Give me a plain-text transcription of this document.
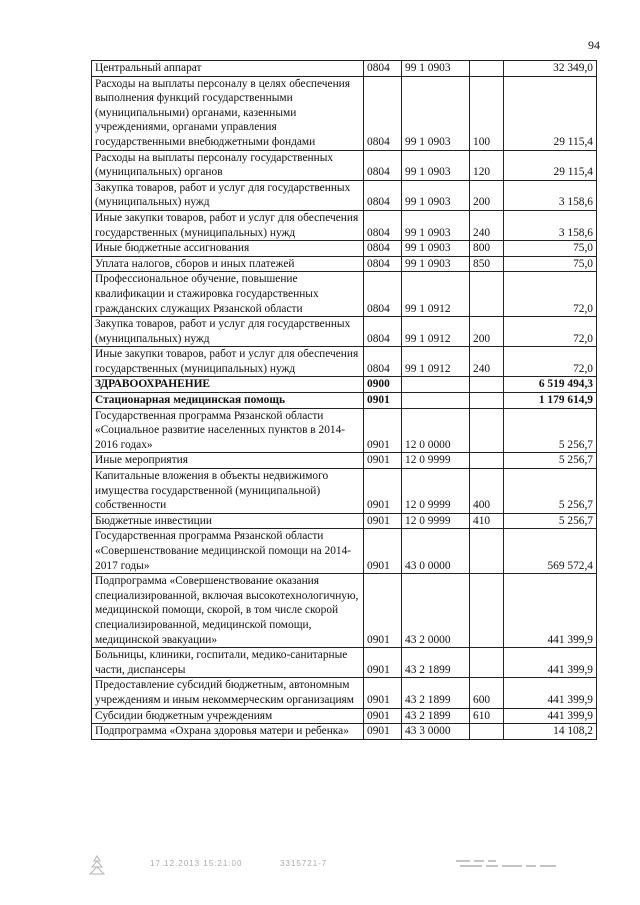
94
Центральный аппарат	0804	99 1 0903		32 349,0
Расходы на выплаты персоналу в целях обеспечения выполнения функций государственными (муниципальными) органами, казенными учреждениями, органами управления государственными внебюджетными фондами	0804	99 1 0903	100	29 115,4
Расходы на выплаты персоналу государственных (муниципальных) органов	0804	99 1 0903	120	29 115,4
Закупка товаров, работ и услуг для государственных (муниципальных) нужд	0804	99 1 0903	200	3 158,6
Иные закупки товаров, работ и услуг для обеспечения государственных (муниципальных) нужд	0804	99 1 0903	240	3 158,6
Иные бюджетные ассигнования	0804	99 1 0903	800	75,0
Уплата налогов, сборов и иных платежей	0804	99 1 0903	850	75,0
Профессиональное обучение, повышение квалификации и стажировка государственных гражданских служащих Рязанской области	0804	99 1 0912		72,0
Закупка товаров, работ и услуг для государственных (муниципальных) нужд	0804	99 1 0912	200	72,0
Иные закупки товаров, работ и услуг для обеспечения государственных (муниципальных) нужд	0804	99 1 0912	240	72,0
ЗДРАВООХРАНЕНИЕ	0900			6 519 494,3
Стационарная медицинская помощь	0901			1 179 614,9
Государственная программа Рязанской области «Социальное развитие населенных пунктов в 2014-2016 годах»	0901	12 0 0000		5 256,7
Иные мероприятия	0901	12 0 9999		5 256,7
Капитальные вложения в объекты недвижимого имущества государственной (муниципальной) собственности	0901	12 0 9999	400	5 256,7
Бюджетные инвестиции	0901	12 0 9999	410	5 256,7
Государственная программа Рязанской области «Совершенствование медицинской помощи на 2014-2017 годы»	0901	43 0 0000		569 572,4
Подпрограмма «Совершенствование оказания специализированной, включая высокотехнологичную, медицинской помощи, скорой, в том числе скорой специализированной, медицинской помощи, медицинской эвакуации»	0901	43 2 0000		441 399,9
Больницы, клиники, госпитали, медико-санитарные части, диспансеры	0901	43 2 1899		441 399,9
Предоставление субсидий бюджетным, автономным учреждениям и иным некоммерческим организациям	0901	43 2 1899	600	441 399,9
Субсидии бюджетным учреждениям	0901	43 2 1899	610	441 399,9
Подпрограмма «Охрана здоровья матери и ребенка»	0901	43 3 0000		14 108,2
17.12.2013 15:21:00	3315721-7
